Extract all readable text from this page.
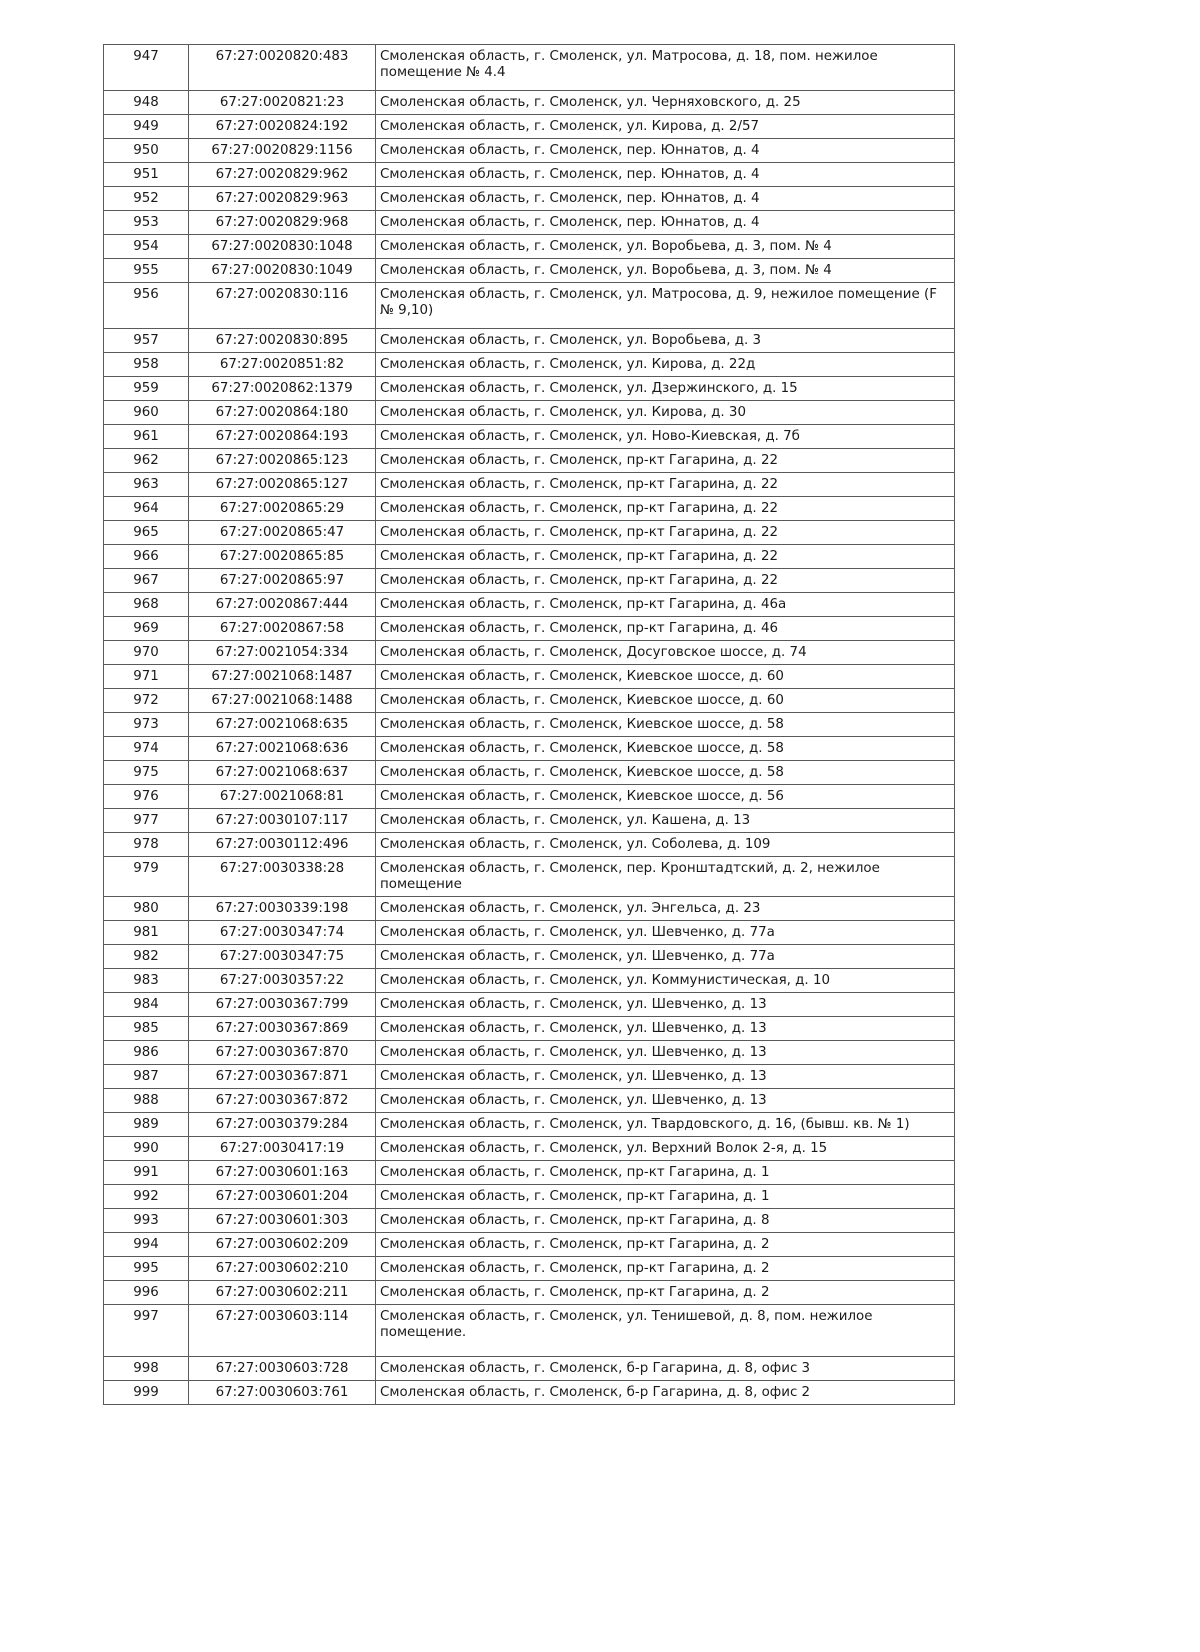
947	67:27:0020820:483	Смоленская область, г. Смоленск, ул. Матросова, д. 18, пом. нежилое помещение № 4.4
948	67:27:0020821:23	Смоленская область, г. Смоленск, ул. Черняховского, д. 25
949	67:27:0020824:192	Смоленская область, г. Смоленск, ул. Кирова, д. 2/57
950	67:27:0020829:1156	Смоленская область, г. Смоленск, пер. Юннатов, д. 4
951	67:27:0020829:962	Смоленская область, г. Смоленск, пер. Юннатов, д. 4
952	67:27:0020829:963	Смоленская область, г. Смоленск, пер. Юннатов, д. 4
953	67:27:0020829:968	Смоленская область, г. Смоленск, пер. Юннатов, д. 4
954	67:27:0020830:1048	Смоленская область, г. Смоленск, ул. Воробьева, д. 3, пом. № 4
955	67:27:0020830:1049	Смоленская область, г. Смоленск, ул. Воробьева, д. 3, пом. № 4
956	67:27:0020830:116	Смоленская область, г. Смоленск, ул. Матросова, д. 9, нежилое помещение (F № 9,10)
957	67:27:0020830:895	Смоленская область, г. Смоленск, ул. Воробьева, д. 3
958	67:27:0020851:82	Смоленская область, г. Смоленск, ул. Кирова, д. 22д
959	67:27:0020862:1379	Смоленская область, г. Смоленск, ул. Дзержинского, д. 15
960	67:27:0020864:180	Смоленская область, г. Смоленск, ул. Кирова, д. 30
961	67:27:0020864:193	Смоленская область, г. Смоленск, ул. Ново-Киевская, д. 7б
962	67:27:0020865:123	Смоленская область, г. Смоленск, пр-кт Гагарина, д. 22
963	67:27:0020865:127	Смоленская область, г. Смоленск, пр-кт Гагарина, д. 22
964	67:27:0020865:29	Смоленская область, г. Смоленск, пр-кт Гагарина, д. 22
965	67:27:0020865:47	Смоленская область, г. Смоленск, пр-кт Гагарина, д. 22
966	67:27:0020865:85	Смоленская область, г. Смоленск, пр-кт Гагарина, д. 22
967	67:27:0020865:97	Смоленская область, г. Смоленск, пр-кт Гагарина, д. 22
968	67:27:0020867:444	Смоленская область, г. Смоленск, пр-кт Гагарина, д. 46а
969	67:27:0020867:58	Смоленская область, г. Смоленск, пр-кт Гагарина, д. 46
970	67:27:0021054:334	Смоленская область, г. Смоленск, Досуговское шоссе, д. 74
971	67:27:0021068:1487	Смоленская область, г. Смоленск, Киевское шоссе, д. 60
972	67:27:0021068:1488	Смоленская область, г. Смоленск, Киевское шоссе, д. 60
973	67:27:0021068:635	Смоленская область, г. Смоленск, Киевское шоссе, д. 58
974	67:27:0021068:636	Смоленская область, г. Смоленск, Киевское шоссе, д. 58
975	67:27:0021068:637	Смоленская область, г. Смоленск, Киевское шоссе, д. 58
976	67:27:0021068:81	Смоленская область, г. Смоленск, Киевское шоссе, д. 56
977	67:27:0030107:117	Смоленская область, г. Смоленск, ул. Кашена, д. 13
978	67:27:0030112:496	Смоленская область, г. Смоленск, ул. Соболева, д. 109
979	67:27:0030338:28	Смоленская область, г. Смоленск, пер. Кронштадтский, д. 2, нежилое помещение
980	67:27:0030339:198	Смоленская область, г. Смоленск, ул. Энгельса, д. 23
981	67:27:0030347:74	Смоленская область, г. Смоленск, ул. Шевченко, д. 77а
982	67:27:0030347:75	Смоленская область, г. Смоленск, ул. Шевченко, д. 77а
983	67:27:0030357:22	Смоленская область, г. Смоленск, ул. Коммунистическая, д. 10
984	67:27:0030367:799	Смоленская область, г. Смоленск, ул. Шевченко, д. 13
985	67:27:0030367:869	Смоленская область, г. Смоленск, ул. Шевченко, д. 13
986	67:27:0030367:870	Смоленская область, г. Смоленск, ул. Шевченко, д. 13
987	67:27:0030367:871	Смоленская область, г. Смоленск, ул. Шевченко, д. 13
988	67:27:0030367:872	Смоленская область, г. Смоленск, ул. Шевченко, д. 13
989	67:27:0030379:284	Смоленская область, г. Смоленск, ул. Твардовского, д. 16, (бывш. кв. № 1)
990	67:27:0030417:19	Смоленская область, г. Смоленск, ул. Верхний Волок 2-я, д. 15
991	67:27:0030601:163	Смоленская область, г. Смоленск, пр-кт Гагарина, д. 1
992	67:27:0030601:204	Смоленская область, г. Смоленск, пр-кт Гагарина, д. 1
993	67:27:0030601:303	Смоленская область, г. Смоленск, пр-кт Гагарина, д. 8
994	67:27:0030602:209	Смоленская область, г. Смоленск, пр-кт Гагарина, д. 2
995	67:27:0030602:210	Смоленская область, г. Смоленск, пр-кт Гагарина, д. 2
996	67:27:0030602:211	Смоленская область, г. Смоленск, пр-кт Гагарина, д. 2
997	67:27:0030603:114	Смоленская область, г. Смоленск, ул. Тенишевой, д. 8, пом. нежилое помещение.
998	67:27:0030603:728	Смоленская область, г. Смоленск, б-р Гагарина, д. 8, офис 3
999	67:27:0030603:761	Смоленская область, г. Смоленск, б-р Гагарина, д. 8, офис 2
